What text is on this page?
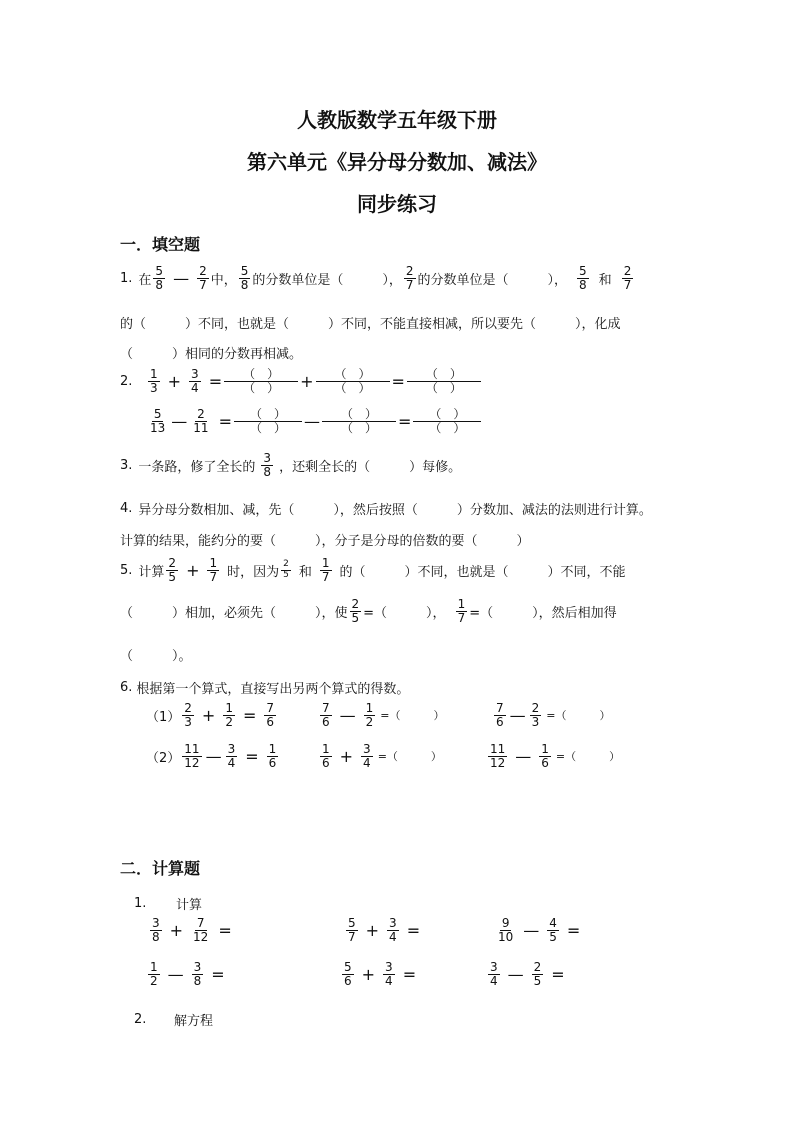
人教版数学五年级下册
第六单元《异分母分数加、减法》
同步练习
一．填空题
1. 在 $\frac{5}{8}$ — $\frac{2}{7}$ 中， $\frac{5}{8}$ 的分数单位是（　　　）， $\frac{2}{7}$ 的分数单位是（　　　）， $\frac{5}{8}$ 和 $\frac{2}{7}$
的（　　　）不同，也就是（　　　）不同，不能直接相减，所以要先（　　　），化成
（　　　）相同的分数再相减。
2.	$\frac{1}{3} + \frac{3}{4} = \frac{( )}{( )} + \frac{( )}{( )} = \frac{( )}{( )}$
$\frac{5}{13}$ — $\frac{2}{11} = \frac{( )}{( )}$ — $\frac{( )}{( )} = \frac{( )}{( )}$
3. 一条路，修了全长的 $\frac{3}{8}$ ，还剩全长的（　　　）每修。
4. 异分母分数相加、减，先（　　　），然后按照（　　　）分数加、减法的法则进行计算。
计算的结果，能约分的要（　　　），分子是分母的倍数的要（　　　）
5. 计算 $\frac{2}{5} + \frac{1}{7}$ 时，因为 $\frac{2}{5}$ 和 $\frac{1}{7}$ 的（　　　）不同，也就是（　　　）不同，不能
（　　　）相加，必须先（　　　），使 $\frac{2}{5}$ =（　　　）， $\frac{1}{7}$ =（　　　），然后相加得
（　　　）。
6. 根据第一个算式，直接写出另两个算式的得数。
$(1) \frac{2}{3} + \frac{1}{2} = \frac{7}{6}$	$\frac{7}{6}$ — $\frac{1}{2}$ =（　　　）	$\frac{7}{6}$ — $\frac{2}{3}$ =（　　　）
$(2) \frac{11}{12}$ — $\frac{3}{4} = \frac{1}{6}$	$\frac{1}{6} + \frac{3}{4}$ =（　　　）	$\frac{11}{12}$ — $\frac{1}{6}$ =（　　　）
二．计算题
1.	计算
$\frac{3}{8} + \frac{7}{12}$ =	$\frac{5}{7} + \frac{3}{4}$ =	$\frac{9}{10}$ — $\frac{4}{5}$ =
$\frac{1}{2}$ — $\frac{3}{8}$ =	$\frac{5}{6} + \frac{3}{4}$ =	$\frac{3}{4}$ — $\frac{2}{5}$ =
2.	解方程
